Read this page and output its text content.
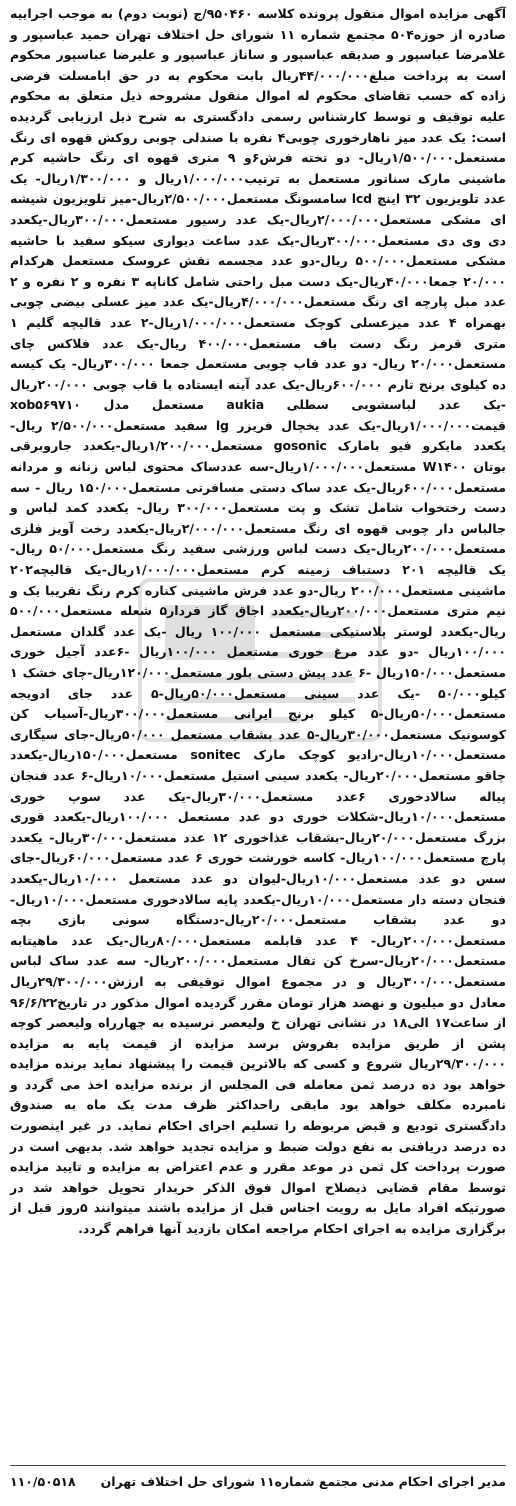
آگهی مزایده اموال منقول پرونده کلاسه ۹۵۰۴۶۰/ج (نوبت دوم) به موجب اجراییه صادره از حوزه۵۰۴ مجتمع شماره ۱۱ شورای حل اختلاف تهران حمید عباسپور و غلامرضا عباسپور و صدیقه عباسپور و ساناز عباسپور و علیرضا عباسپور محکوم است به پرداخت مبلغ۴۴/۰۰۰/۰۰۰ریال بابت محکوم به در حق ابامسلت فرضی زاده که حسب تقاضای محکوم له اموال منقول مشروحه ذیل متعلق به محکوم علیه توقیف و توسط کارشناس رسمی دادگستری به شرح ذیل ارزیابی گردیده است: یک عدد میز ناهارخوری چوبی۴ نفره با صندلی چوبی روکش قهوه ای رنگ مستعمل۱/۵۰۰/۰۰۰ریال- دو تخته فرش۶و ۹ متری قهوه ای رنگ حاشیه کرم ماشینی مارک سناتور مستعمل به ترتیب۱/۰۰۰/۰۰۰ریال و ۱/۳۰۰/۰۰۰ریال- یک عدد تلویزیون ۳۲ اینچ lcd سامسونگ مستعمل۲/۵۰۰/۰۰۰ریال-میز تلویزیون شیشه ای مشکی مستعمل۲/۰۰۰/۰۰۰ریال-یک عدد رسیور مستعمل۳۰۰/۰۰۰ریال-یکعدد دی وی دی مستعمل۳۰۰/۰۰۰ریال-یک عدد ساعت دیواری سیکو سفید با حاشیه مشکی مستعمل۵۰۰/۰۰۰ ریال-دو عدد مجسمه نقش عروسک مستعمل هرکدام ۲۰/۰۰۰ جمعا۴۰/۰۰۰ریال-یک دست مبل راحتی شامل کاناپه ۳ نفره و ۲ نفره و ۲ عدد مبل پارچه ای رنگ مستعمل۴/۰۰۰/۰۰۰ریال-یک عدد میز عسلی بیضی چوبی بهمراه ۴ عدد میزعسلی کوچک مستعمل۱/۰۰۰/۰۰۰ریال-۲ عدد قالیچه گلیم ۱ متری قرمز رنگ دست باف مستعمل۴۰۰/۰۰۰ ریال-یک عدد فلاکس چای مستعمل۲۰/۰۰۰ ریال- دو عدد قاب چوبی مستعمل جمعا ۳۰۰/۰۰۰ریال- یک کیسه ده کیلوی برنج تارم ۶۰۰/۰۰۰ریال-یک عدد آینه ایستاده با قاب چوبی ۲۰۰/۰۰۰ریال -یک عدد لباسشویی سطلی aukia مستعمل مدل xob۵۶۹۷۱۰ قیمت۱/۰۰۰/۰۰۰ریال-یک عدد یخچال فریزر lg سفید مستعمل۲/۵۰۰/۰۰۰ ریال-یکعدد مایکرو فیو بامارک gosonic مستعمل۱/۲۰۰/۰۰۰ریال-یکعدد جاروبرقی بوتان W۱۴۰۰ مستعمل۱/۰۰۰/۰۰۰ریال-سه عددساک محتوی لباس زنانه و مردانه مستعمل۶۰۰/۰۰۰ریال-یک عدد ساک دستی مسافرتی مستعمل۱۵۰/۰۰۰ ریال - سه دست رختخواب شامل تشک و پت مستعمل۳۰۰/۰۰۰ ریال- یکعدد کمد لباس و جالباس دار چوبی قهوه ای رنگ مستعمل۲/۰۰۰/۰۰۰ریال-یکعدد رخت آویز فلزی مستعمل۲۰۰/۰۰۰ریال-یک دست لباس ورزشی سفید رنگ مستعمل۵۰/۰۰۰ ریال-یک قالیچه ۲۰۱ دستباف زمینه کرم مستعمل۱/۰۰۰/۰۰۰ریال-یک قالیچه۲۰۲ ماشینی مستعمل۲۰۰/۰۰۰ ریال-دو عدد فرش ماشینی کناره کرم رنگ تقریبا یک و نیم متری مستعمل۲۰۰/۰۰۰ریال-یکعدد اجاق گاز فردار۵ شعله مستعمل۵۰۰/۰۰۰ ریال-یکعدد لوستر پلاستیکی مستعمل ۱۰۰/۰۰۰ ریال -یک عدد گلدان مستعمل ۱۰۰/۰۰۰ریال -دو عدد مرغ خوری مستعمل ۱۰۰/۰۰۰ریال -۶عدد آجیل خوری مستعمل۱۵۰/۰۰۰ریال -۶ عدد پیش دستی بلور مستعمل۱۲۰/۰۰۰ریال-چای خشک ۱ کیلو۵۰/۰۰۰ -یک عدد سینی مستعمل۵۰/۰۰۰ریال-۵ عدد جای ادویجه مستعمل۵۰/۰۰۰ریال-۵ کیلو برنج ایرانی مستعمل۳۰۰/۰۰۰ریال-آسیاب کن کوسونیک مستعمل۳۰/۰۰۰ریال-۵ عدد بشقاب مستعمل ۵۰/۰۰۰ریال-جای سیگاری مستعمل۱۰/۰۰۰ریال-رادیو کوچک مارک sonitec مستعمل۱۵۰/۰۰۰ریال-یکعدد چاقو مستعمل۲۰/۰۰۰ریال- یکعدد سینی استیل مستعمل۱۰/۰۰۰ریال-۶ عدد فنجان پیاله سالادخوری ۶عدد مستعمل۳۰/۰۰۰ریال-یک عدد سوپ خوری مستعمل۱۰/۰۰۰ریال-شکلات خوری دو عدد مستعمل ۱۰۰/۰۰۰ریال-یکعدد قوری بزرگ مستعمل۲۰/۰۰۰ریال-بشقاب غذاخوری ۱۲ عدد مستعمل۳۰/۰۰۰ریال- یکعدد پارچ مستعمل۱۰۰/۰۰۰ریال- کاسه خورشت خوری ۶ عدد مستعمل۶۰/۰۰۰ریال-جای سس دو عدد مستعمل۱۰/۰۰۰ریال-لیوان دو عدد مستعمل ۱۰/۰۰۰ریال-یکعدد فنجان دسته دار مستعمل۱۰/۰۰۰ریال-یکعدد پایه سالادخوری مستعمل۱۰/۰۰۰ریال-دو عدد بشقاب مستعمل۲۰/۰۰۰ریال-دستگاه سونی بازی بچه مستعمل۲۰۰/۰۰۰ریال- ۴ عدد قابلمه مستعمل۸۰/۰۰۰ریال-یک عدد ماهیتابه مستعمل۲۰/۰۰۰ریال-سرخ کن تفال مستعمل۲۰۰/۰۰۰ریال- سه عدد ساک لباس مستعمل۳۰۰/۰۰۰ریال و در مجموع اموال توقیفی به ارزش۲۹/۳۰۰/۰۰۰ریال معادل دو میلیون و نهصد هزار تومان مقرر گردیده اموال مذکور در تاریخ۹۶/۶/۲۲ از ساعت۱۷ الی۱۸ در نشانی تهران خ ولیعصر نرسیده به چهارراه ولیعصر کوچه پشن از طریق مزایده بفروش برسد مزایده از قیمت پایه به مزایده ۲۹/۳۰۰/۰۰۰ریال شروع و کسی که بالاترین قیمت را پیشنهاد نماید برنده مزایده خواهد بود ده درصد ثمن معامله فی المجلس از برنده مزایده اخذ می گردد و نامبرده مکلف خواهد بود مابقی راحداکثر ظرف مدت یک ماه به صندوق دادگستری تودیع و قبض مربوطه را تسلیم اجرای احکام نماید. در غیر اینصورت ده درصد دریافتی به نفع دولت ضبط و مزایده تجدید خواهد شد. بدیهی است در صورت پرداخت کل ثمن در موعد مقرر و عدم اعتراض به مزایده و تایید مزایده توسط مقام قضایی ذیصلاح اموال فوق الذکر خریدار تحویل خواهد شد در صورتیکه افراد مایل به رویت اجناس قبل از مزایده باشند میتوانند ۵روز قبل از برگزاری مزایده به اجرای احکام مراجعه امکان بازدید آنها فراهم گردد.

مدیر اجرای احکام مدنی مجتمع شماره۱۱ شورای حل اختلاف تهران
۱۱۰/۵۰۵۱۸
